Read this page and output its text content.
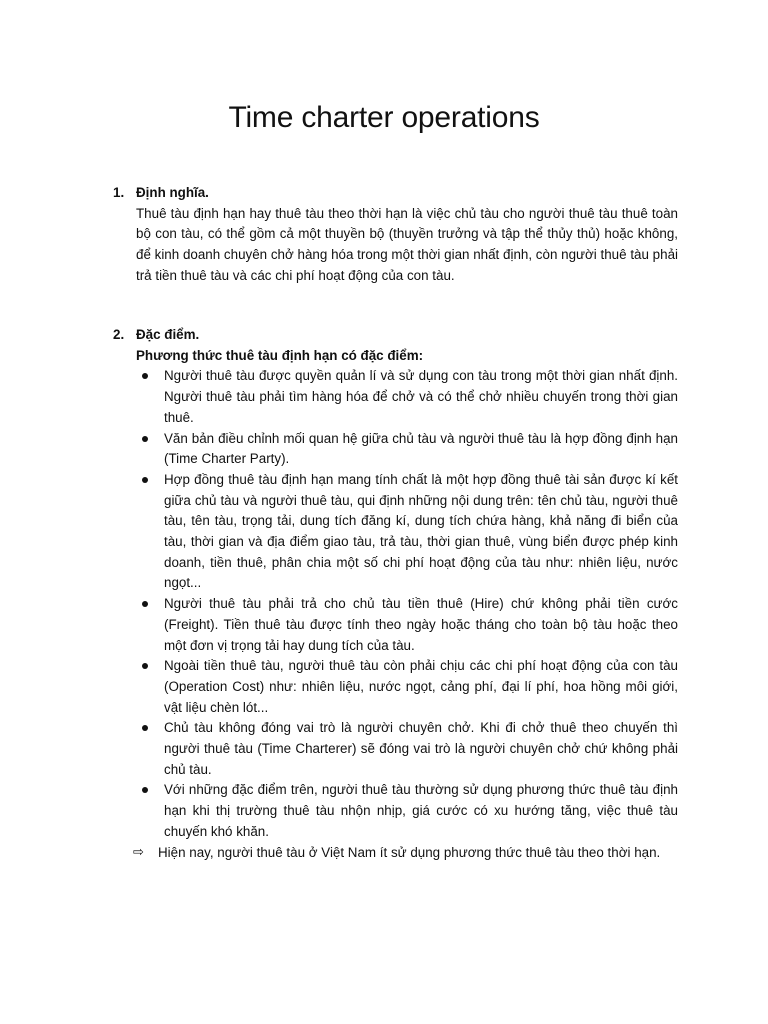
Time charter operations
1. Định nghĩa.
Thuê tàu định hạn hay thuê tàu theo thời hạn là việc chủ tàu cho người thuê tàu thuê toàn bộ con tàu, có thể gồm cả một thuyền bộ (thuyền trưởng và tập thể thủy thủ) hoặc không, để kinh doanh chuyên chở hàng hóa trong một thời gian nhất định, còn người thuê tàu phải trả tiền thuê tàu và các chi phí hoạt động của con tàu.
2. Đặc điểm.
Phương thức thuê tàu định hạn có đặc điểm:
Người thuê tàu được quyền quản lí và sử dụng con tàu trong một thời gian nhất định. Người thuê tàu phải tìm hàng hóa để chở và có thể chở nhiều chuyến trong thời gian thuê.
Văn bản điều chỉnh mối quan hệ giữa chủ tàu và người thuê tàu là hợp đồng định hạn (Time Charter Party).
Hợp đồng thuê tàu định hạn mang tính chất là một hợp đồng thuê tài sản được kí kết giữa chủ tàu và người thuê tàu, qui định những nội dung trên: tên chủ tàu, người thuê tàu, tên tàu, trọng tải, dung tích đăng kí, dung tích chứa hàng, khả năng đi biển của tàu, thời gian và địa điểm giao tàu, trả tàu, thời gian thuê, vùng biển được phép kinh doanh, tiền thuê, phân chia một số chi phí hoạt động của tàu như: nhiên liệu, nước ngọt...
Người thuê tàu phải trả cho chủ tàu tiền thuê (Hire) chứ không phải tiền cước (Freight). Tiền thuê tàu được tính theo ngày hoặc tháng cho toàn bộ tàu hoặc theo một đơn vị trọng tải hay dung tích của tàu.
Ngoài tiền thuê tàu, người thuê tàu còn phải chịu các chi phí hoạt động của con tàu (Operation Cost) như: nhiên liệu, nước ngọt, cảng phí, đại lí phí, hoa hồng môi giới, vật liệu chèn lót...
Chủ tàu không đóng vai trò là người chuyên chở. Khi đi chở thuê theo chuyến thì người thuê tàu (Time Charterer) sẽ đóng vai trò là người chuyên chở chứ không phải chủ tàu.
Với những đặc điểm trên, người thuê tàu thường sử dụng phương thức thuê tàu định hạn khi thị trường thuê tàu nhộn nhịp, giá cước có xu hướng tăng, việc thuê tàu chuyến khó khăn.
⇨ Hiện nay, người thuê tàu ở Việt Nam ít sử dụng phương thức thuê tàu theo thời hạn.
